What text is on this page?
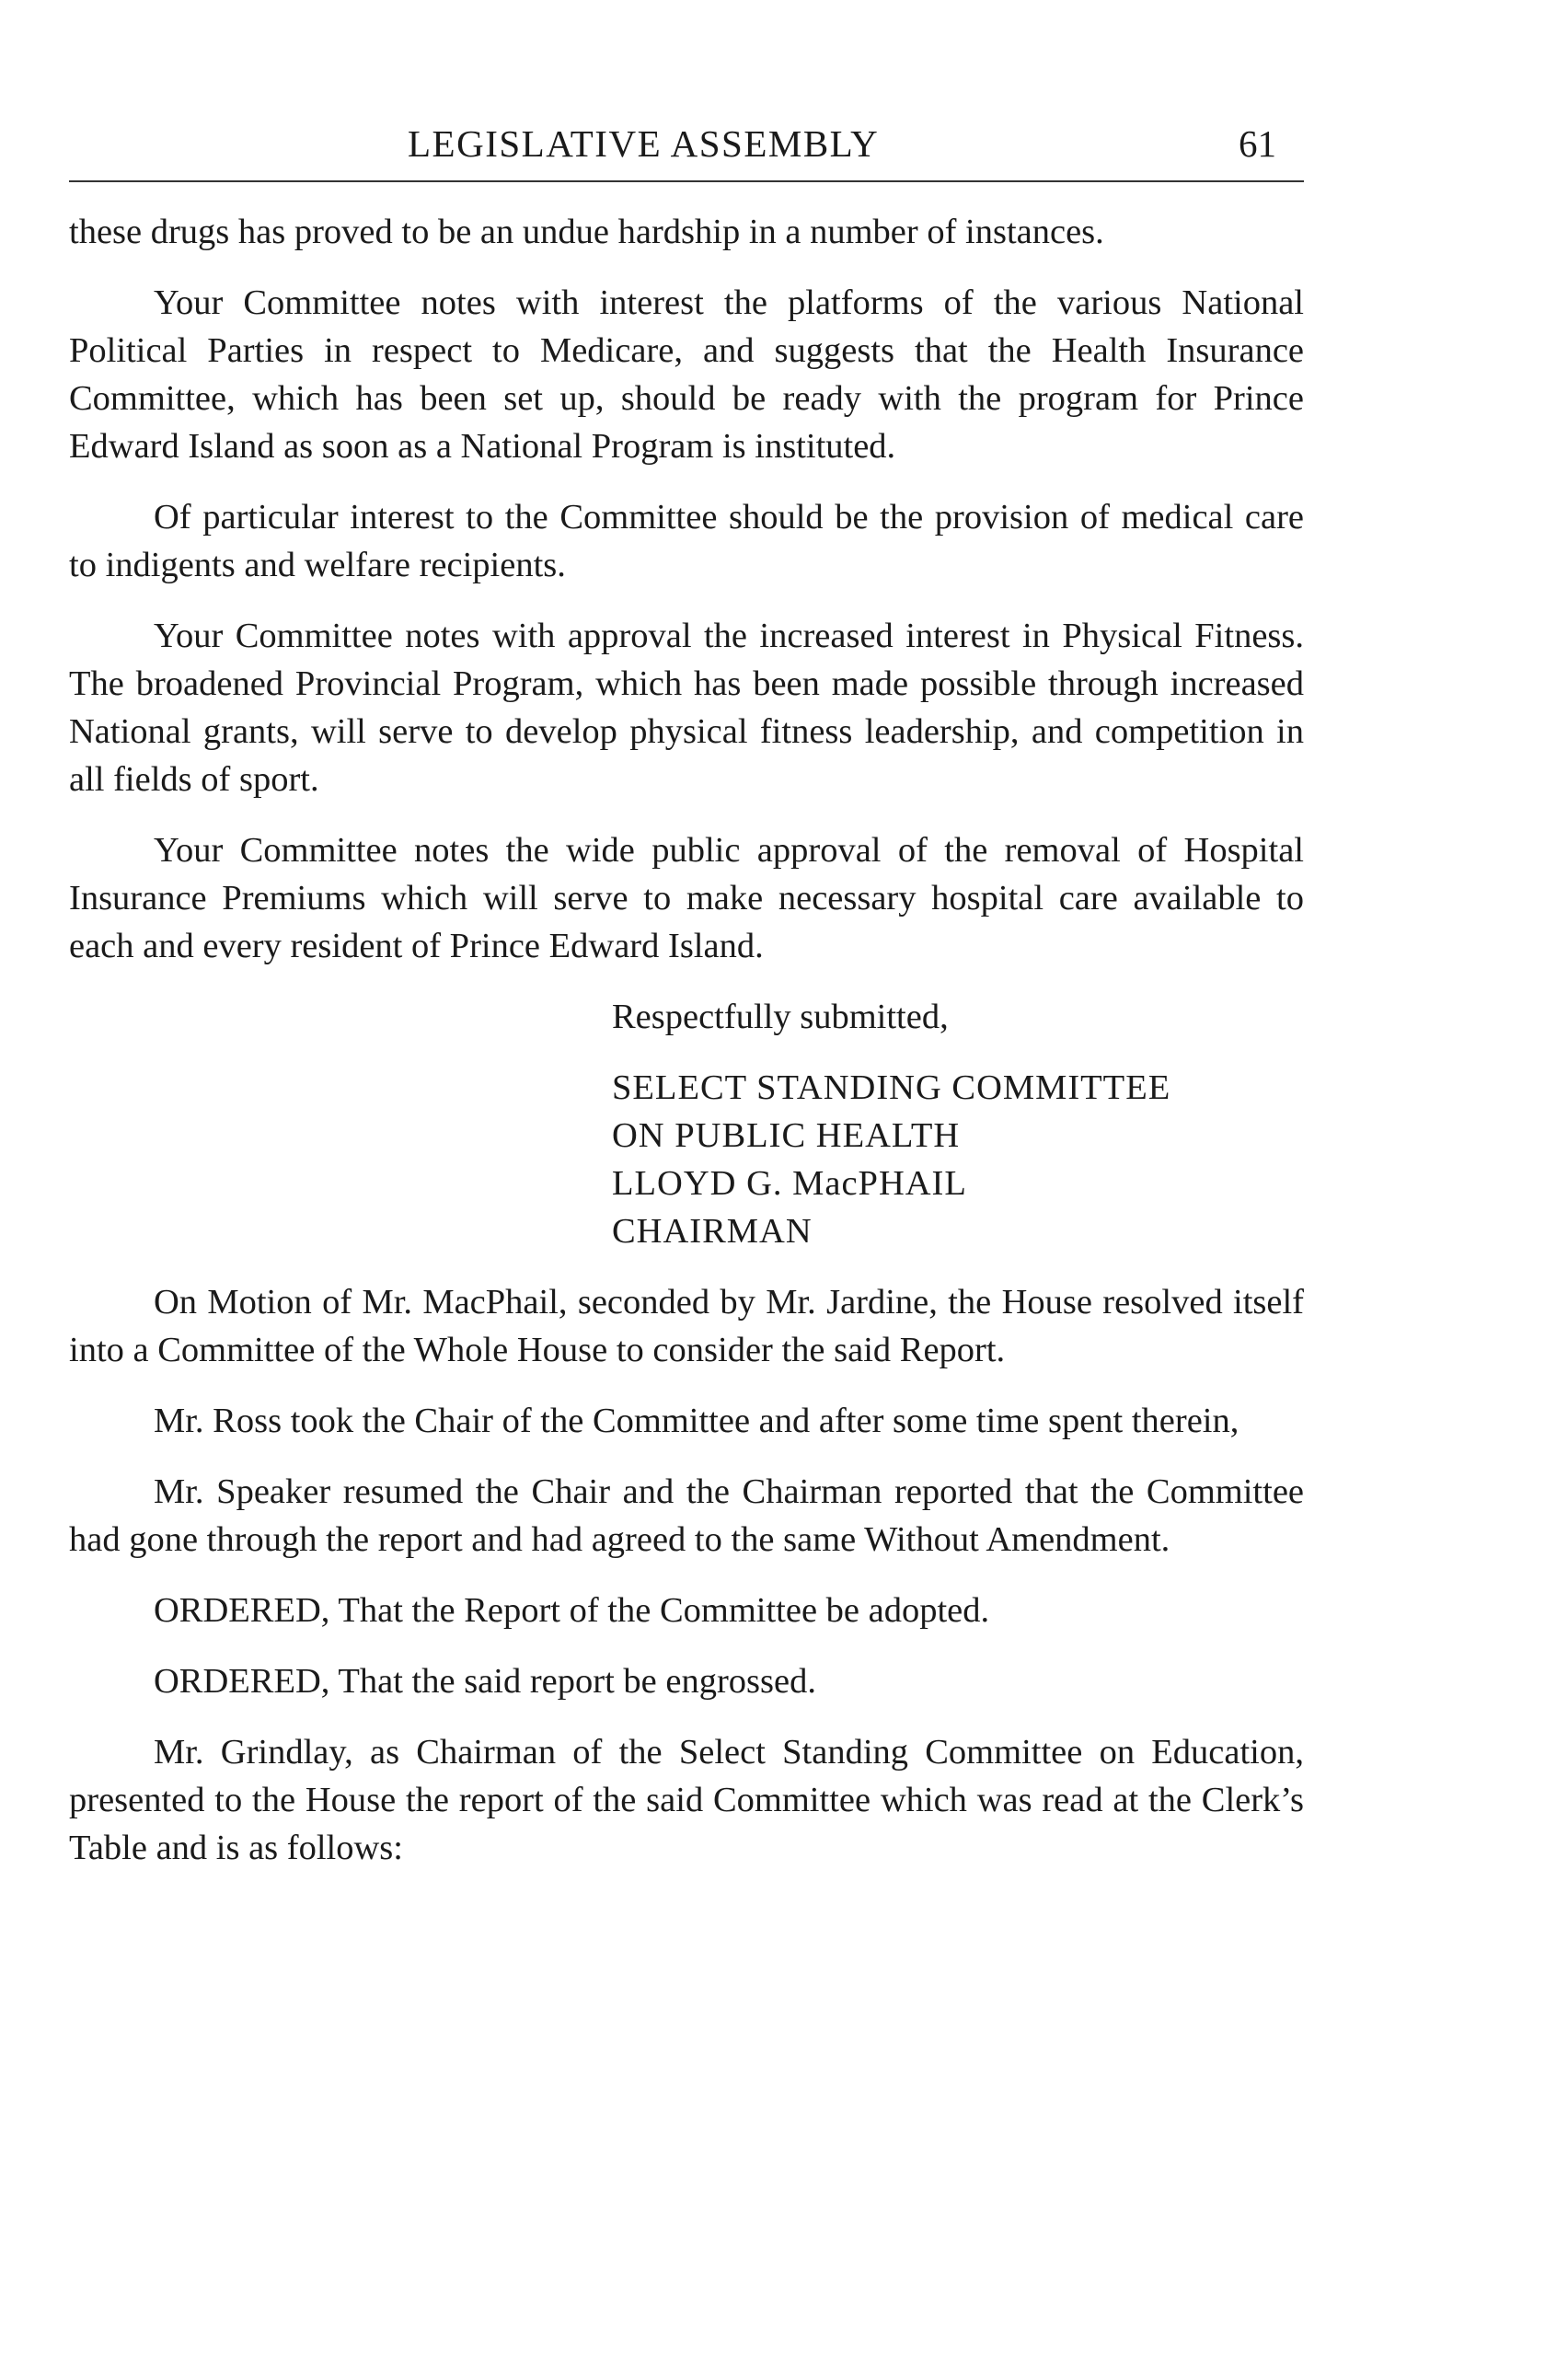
LEGISLATIVE ASSEMBLY	61

these drugs has proved to be an undue hardship in a number of instances.

Your Committee notes with interest the platforms of the various National Political Parties in respect to Medicare, and suggests that the Health Insurance Committee, which has been set up, should be ready with the program for Prince Edward Island as soon as a National Program is instituted.

Of particular interest to the Committee should be the provision of medical care to indigents and welfare recipients.

Your Committee notes with approval the increased interest in Physical Fitness. The broadened Provincial Program, which has been made possible through increased National grants, will serve to develop physical fitness leadership, and competition in all fields of sport.

Your Committee notes the wide public approval of the removal of Hospital Insurance Premiums which will serve to make necessary hospital care available to each and every resident of Prince Edward Island.

Respectfully submitted,
SELECT STANDING COMMITTEE
ON PUBLIC HEALTH
LLOYD G. MacPHAIL
CHAIRMAN

On Motion of Mr. MacPhail, seconded by Mr. Jardine, the House resolved itself into a Committee of the Whole House to consider the said Report.

Mr. Ross took the Chair of the Committee and after some time spent therein,

Mr. Speaker resumed the Chair and the Chairman reported that the Committee had gone through the report and had agreed to the same Without Amendment.

ORDERED, That the Report of the Committee be adopted.

ORDERED, That the said report be engrossed.

Mr. Grindlay, as Chairman of the Select Standing Committee on Education, presented to the House the report of the said Committee which was read at the Clerk’s Table and is as follows:
